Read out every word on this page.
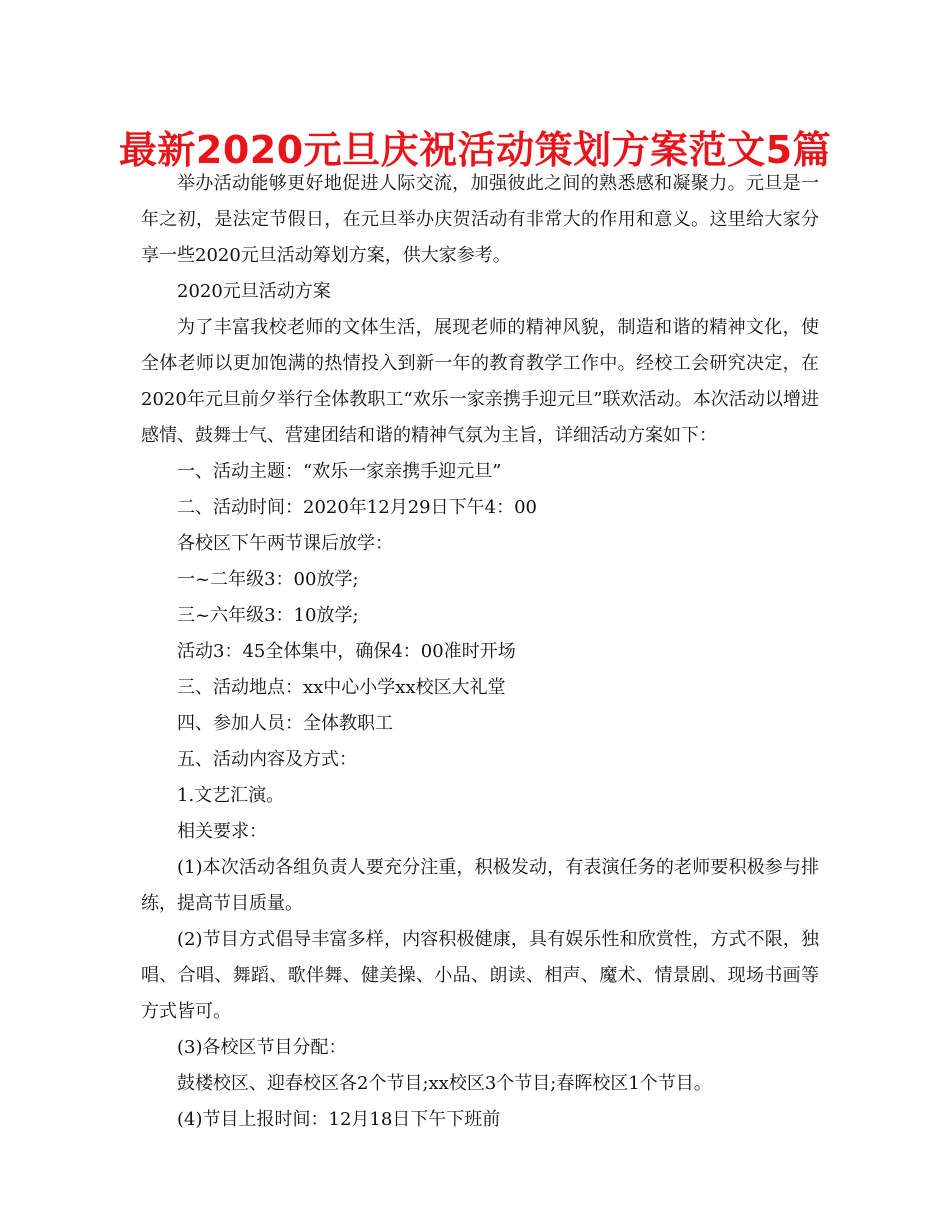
最新2020元旦庆祝活动策划方案范文5篇

举办活动能够更好地促进人际交流，加强彼此之间的熟悉感和凝聚力。元旦是一年之初，是法定节假日，在元旦举办庆贺活动有非常大的作用和意义。这里给大家分享一些2020元旦活动筹划方案，供大家参考。

2020元旦活动方案

为了丰富我校老师的文体生活，展现老师的精神风貌，制造和谐的精神文化，使全体老师以更加饱满的热情投入到新一年的教育教学工作中。经校工会研究决定，在2020年元旦前夕举行全体教职工“欢乐一家亲携手迎元旦”联欢活动。本次活动以增进感情、鼓舞士气、营建团结和谐的精神气氛为主旨，详细活动方案如下：

一、活动主题：“欢乐一家亲携手迎元旦”

二、活动时间：2020年12月29日下午4：00

各校区下午两节课后放学：

一~二年级3：00放学;

三~六年级3：10放学;

活动3：45全体集中，确保4：00准时开场

三、活动地点：xx中心小学xx校区大礼堂

四、参加人员：全体教职工

五、活动内容及方式：

1.文艺汇演。

相关要求：

(1)本次活动各组负责人要充分注重，积极发动，有表演任务的老师要积极参与排练，提高节目质量。

(2)节目方式倡导丰富多样，内容积极健康，具有娱乐性和欣赏性，方式不限，独唱、合唱、舞蹈、歌伴舞、健美操、小品、朗读、相声、魔术、情景剧、现场书画等方式皆可。

(3)各校区节目分配：

鼓楼校区、迎春校区各2个节目;xx校区3个节目;春晖校区1个节目。

(4)节目上报时间：12月18日下午下班前
